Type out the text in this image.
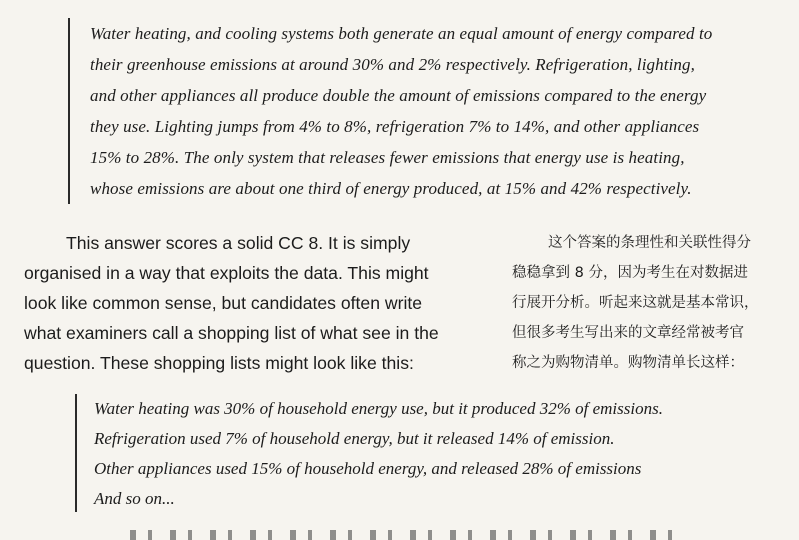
Water heating, and cooling systems both generate an equal amount of energy compared to
their greenhouse emissions at around 30% and 2% respectively. Refrigeration, lighting,
and other appliances all produce double the amount of emissions compared to the energy
they use. Lighting jumps from 4% to 8%, refrigeration 7% to 14%, and other appliances
15% to 28%. The only system that releases fewer emissions that energy use is heating,
whose emissions are about one third of energy produced, at 15% and 42% respectively.
This answer scores a solid CC 8. It is simply
organised in a way that exploits the data. This might
look like common sense, but candidates often write
what examiners call a shopping list of what see in the
question. These shopping lists might look like this:
这个答案的条理性和关联性得分
稳稳拿到 8 分，因为考生在对数据进
行展开分析。听起来这就是基本常识，
但很多考生写出来的文章经常被考官
称之为购物清单。购物清单长这样：
Water heating was 30% of household energy use, but it produced 32% of emissions.
Refrigeration used 7% of household energy, but it released 14% of emission.
Other appliances used 15% of household energy, and released 28% of emissions
And so on...
